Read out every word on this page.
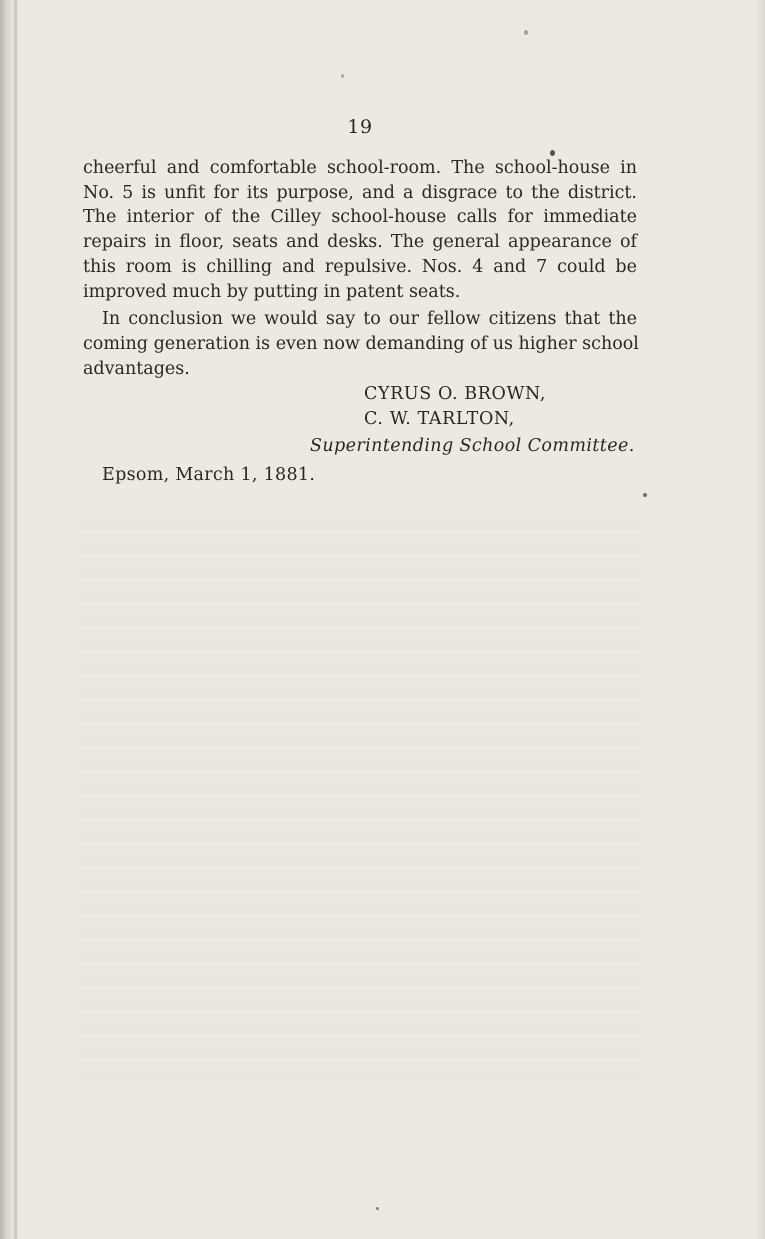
19
cheerful and comfortable school-room. The school-house in
No. 5 is unfit for its purpose, and a disgrace to the district.
The interior of the Cilley school-house calls for immediate
repairs in floor, seats and desks. The general appearance of
this room is chilling and repulsive. Nos. 4 and 7 could be
improved much by putting in patent seats.
In conclusion we would say to our fellow citizens that the
coming generation is even now demanding of us higher school
advantages.
CYRUS O. BROWN,
C. W. TARLTON,
Superintending School Committee.
Epsom, March 1, 1881.
